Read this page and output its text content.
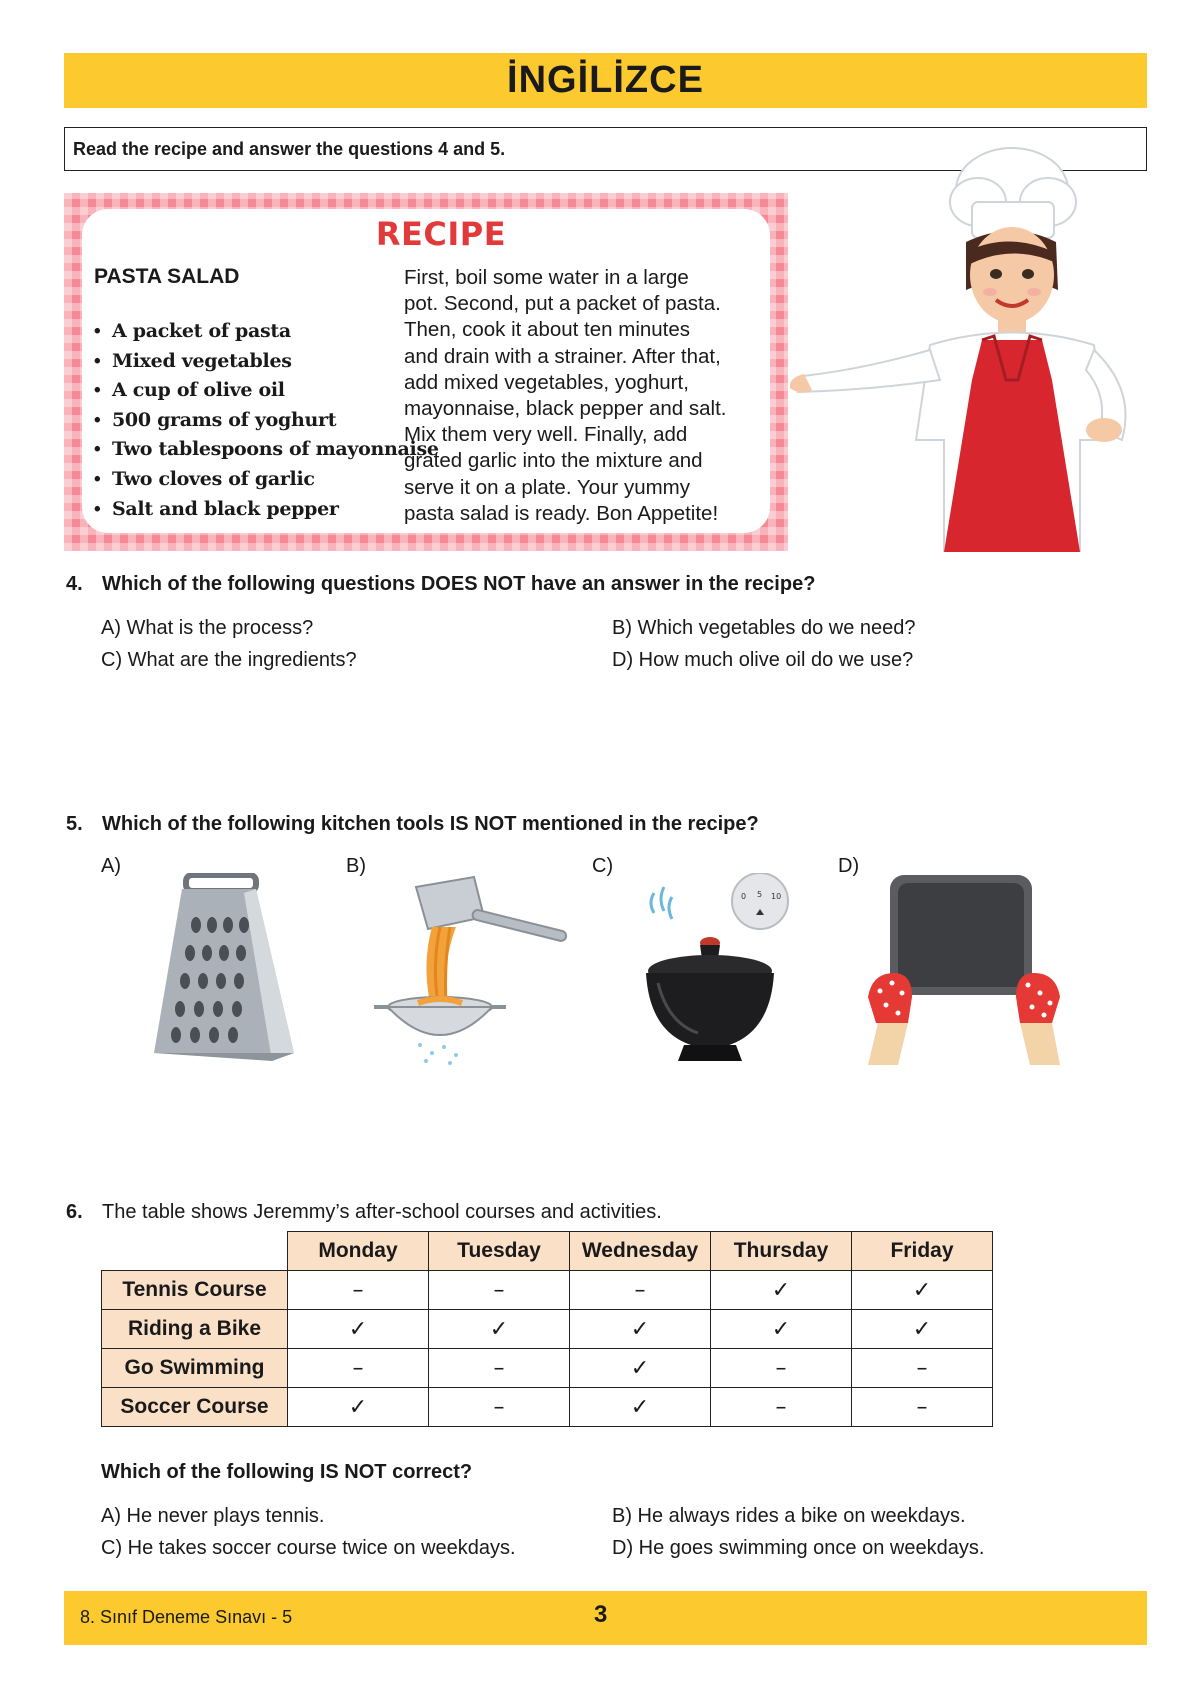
İNGİLİZCE
Read the recipe and answer the questions 4 and 5.
RECIPE
PASTA SALAD
• A packet of pasta
• Mixed vegetables
• A cup of olive oil
• 500 grams of yoghurt
• Two tablespoons of mayonnaise
• Two cloves of garlic
• Salt and black pepper
First, boil some water in a large
pot. Second, put a packet of pasta.
Then, cook it about ten minutes
and drain with a strainer. After that,
add mixed vegetables, yoghurt,
mayonnaise, black pepper and salt.
Mix them very well. Finally, add
grated garlic into the mixture and
serve it on a plate. Your yummy
pasta salad is ready. Bon Appetite!
4. Which of the following questions DOES NOT have an answer in the recipe?
A) What is the process?	B) Which vegetables do we need?
C) What are the ingredients?	D) How much olive oil do we use?
5. Which of the following kitchen tools IS NOT mentioned in the recipe?
A)	B)	C)
0 5 10
D)
6. The table shows Jeremmy’s after-school courses and activities.
	Monday	Tuesday	Wednesday	Thursday	Friday
Tennis Course	–	–	–	✓	✓
Riding a Bike	✓	✓	✓	✓	✓
Go Swimming	–	–	✓	–	–
Soccer Course	✓	–	✓	–	–
Which of the following IS NOT correct?
A) He never plays tennis.	B) He always rides a bike on weekdays.
C) He takes soccer course twice on weekdays.	D) He goes swimming once on weekdays.
8. Sınıf Deneme Sınavı - 5	3
